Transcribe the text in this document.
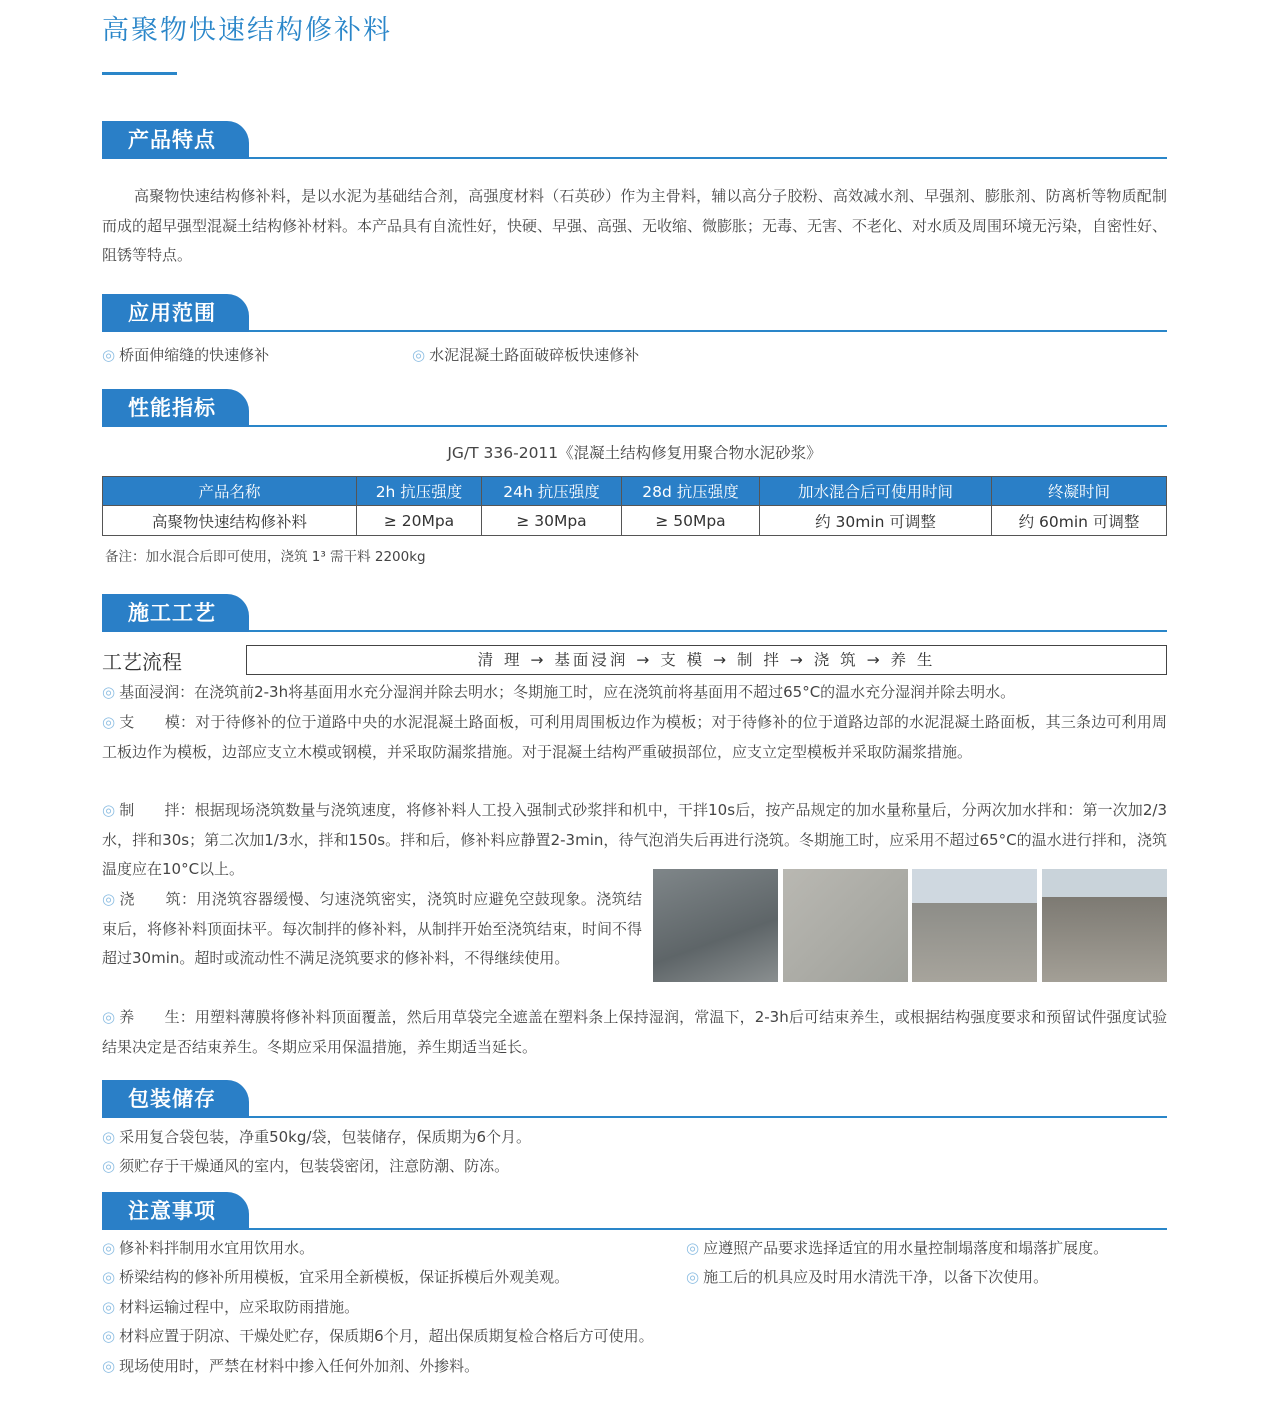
高聚物快速结构修补料
产品特点
高聚物快速结构修补料，是以水泥为基础结合剂，高强度材料（石英砂）作为主骨料，辅以高分子胶粉、高效减水剂、早强剂、膨胀剂、防离析等物质配制而成的超早强型混凝土结构修补材料。本产品具有自流性好，快硬、早强、高强、无收缩、微膨胀；无毒、无害、不老化、对水质及周围环境无污染，自密性好、阻锈等特点。
应用范围
◎ 桥面伸缩缝的快速修补	◎ 水泥混凝土路面破碎板快速修补
性能指标
JG/T 336-2011《混凝土结构修复用聚合物水泥砂浆》
产品名称	2h 抗压强度	24h 抗压强度	28d 抗压强度	加水混合后可使用时间	终凝时间
高聚物快速结构修补料	≥ 20Mpa	≥ 30Mpa	≥ 50Mpa	约 30min 可调整	约 60min 可调整
备注：加水混合后即可使用，浇筑 1³ 需干料 2200kg
施工工艺
工艺流程	清 理 → 基面浸润 → 支 模 → 制 拌 → 浇 筑 → 养 生
◎ 基面浸润：在浇筑前2-3h将基面用水充分湿润并除去明水；冬期施工时，应在浇筑前将基面用不超过65°C的温水充分湿润并除去明水。
◎ 支　　模：对于待修补的位于道路中央的水泥混凝土路面板，可利用周围板边作为模板；对于待修补的位于道路边部的水泥混凝土路面板，其三条边可利用周工板边作为模板，边部应支立木模或钢模，并采取防漏浆措施。对于混凝土结构严重破损部位，应支立定型模板并采取防漏浆措施。
◎ 制　　拌：根据现场浇筑数量与浇筑速度，将修补料人工投入强制式砂浆拌和机中，干拌10s后，按产品规定的加水量称量后，分两次加水拌和：第一次加2/3水，拌和30s；第二次加1/3水，拌和150s。拌和后，修补料应静置2-3min，待气泡消失后再进行浇筑。冬期施工时，应采用不超过65°C的温水进行拌和，浇筑温度应在10°C以上。
◎ 浇　　筑：用浇筑容器缓慢、匀速浇筑密实，浇筑时应避免空鼓现象。浇筑结束后，将修补料顶面抹平。每次制拌的修补料，从制拌开始至浇筑结束，时间不得超过30min。超时或流动性不满足浇筑要求的修补料，不得继续使用。
◎ 养　　生：用塑料薄膜将修补料顶面覆盖，然后用草袋完全遮盖在塑料条上保持湿润，常温下，2-3h后可结束养生，或根据结构强度要求和预留试件强度试验结果决定是否结束养生。冬期应采用保温措施，养生期适当延长。
包装储存
◎ 采用复合袋包装，净重50kg/袋，包装储存，保质期为6个月。
◎ 须贮存于干燥通风的室内，包装袋密闭，注意防潮、防冻。
注意事项
◎ 修补料拌制用水宜用饮用水。
◎ 桥梁结构的修补所用模板，宜采用全新模板，保证拆模后外观美观。
◎ 材料运输过程中，应采取防雨措施。
◎ 材料应置于阴凉、干燥处贮存，保质期6个月，超出保质期复检合格后方可使用。
◎ 现场使用时，严禁在材料中掺入任何外加剂、外掺料。
◎ 应遵照产品要求选择适宜的用水量控制塌落度和塌落扩展度。
◎ 施工后的机具应及时用水清洗干净，以备下次使用。
